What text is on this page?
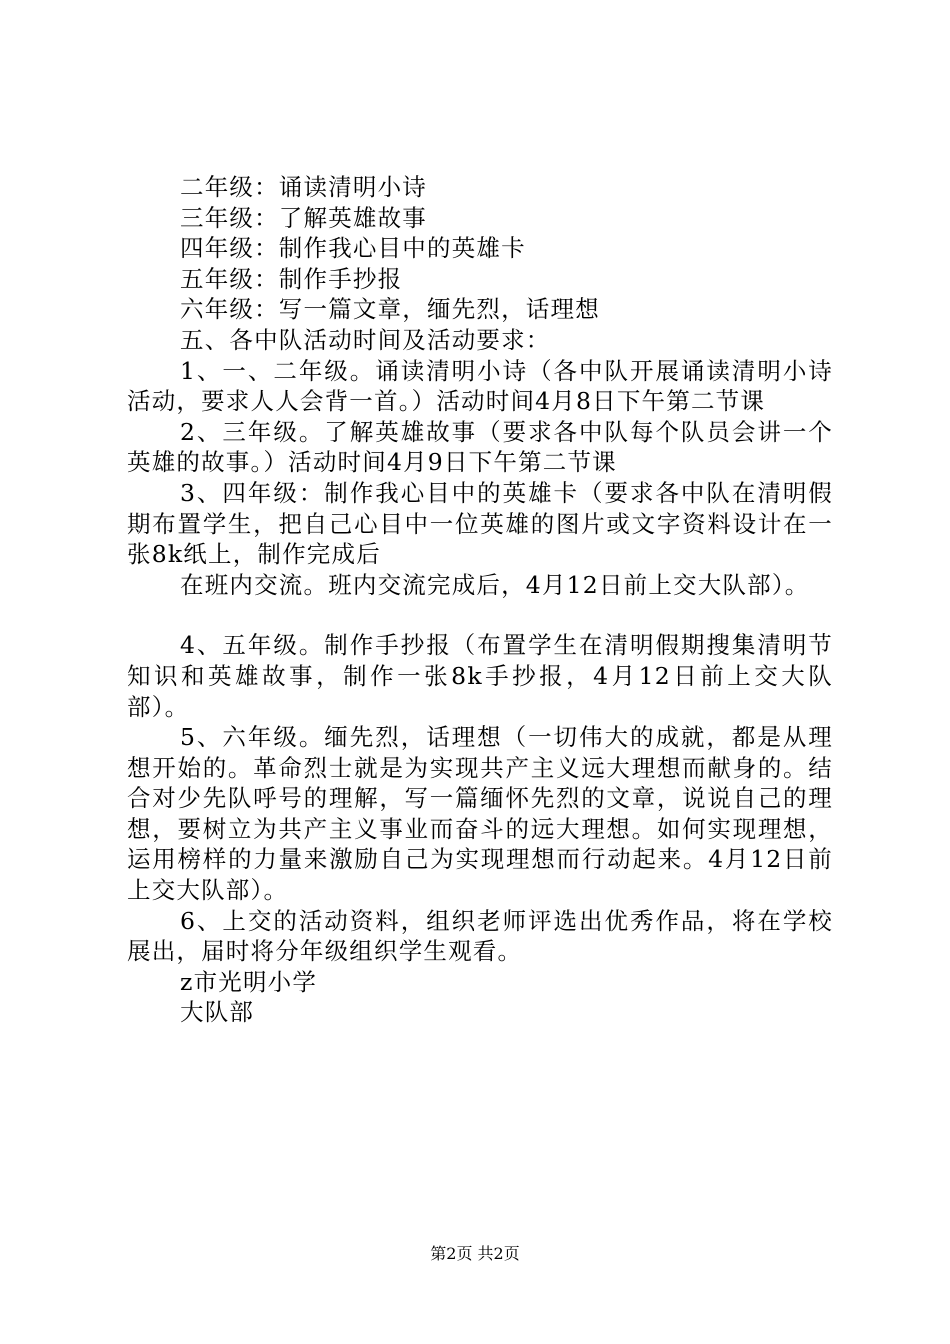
二年级：诵读清明小诗
三年级：了解英雄故事
四年级：制作我心目中的英雄卡
五年级：制作手抄报
六年级：写一篇文章，缅先烈，话理想
五、各中队活动时间及活动要求：

1、一、二年级。诵读清明小诗（各中队开展诵读清明小诗活动，要求人人会背一首。）活动时间4月8日下午第二节课

2、三年级。了解英雄故事（要求各中队每个队员会讲一个英雄的故事。）活动时间4月9日下午第二节课

3、四年级：制作我心目中的英雄卡（要求各中队在清明假期布置学生，把自己心目中一位英雄的图片或文字资料设计在一张8k纸上，制作完成后

在班内交流。班内交流完成后，4月12日前上交大队部）。

4、五年级。制作手抄报（布置学生在清明假期搜集清明节知识和英雄故事，制作一张8k手抄报，4月12日前上交大队部）。

5、六年级。缅先烈，话理想（一切伟大的成就，都是从理想开始的。革命烈士就是为实现共产主义远大理想而献身的。结合对少先队呼号的理解，写一篇缅怀先烈的文章，说说自己的理想，要树立为共产主义事业而奋斗的远大理想。如何实现理想，运用榜样的力量来激励自己为实现理想而行动起来。4月12日前上交大队部）。

6、上交的活动资料，组织老师评选出优秀作品，将在学校展出，届时将分年级组织学生观看。

z市光明小学
大队部
第2页 共2页
